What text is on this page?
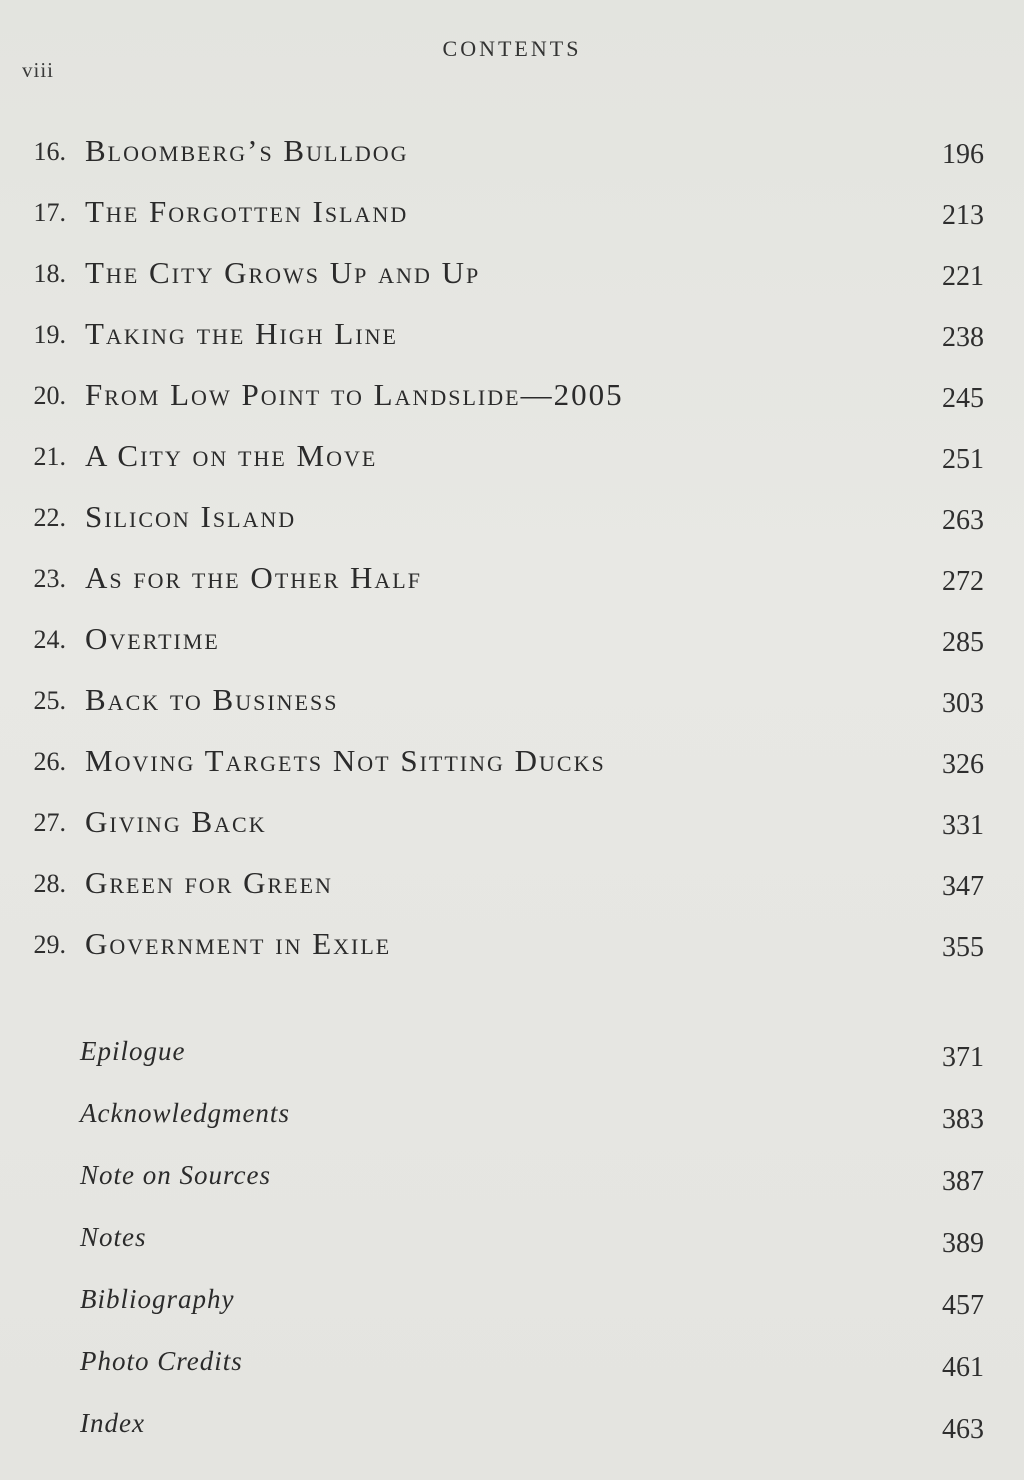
viii
CONTENTS
16. Bloomberg’s Bulldog	196
17. The Forgotten Island	213
18. The City Grows Up and Up	221
19. Taking the High Line	238
20. From Low Point to Landslide—2005	245
21. A City on the Move	251
22. Silicon Island	263
23. As for the Other Half	272
24. Overtime	285
25. Back to Business	303
26. Moving Targets Not Sitting Ducks	326
27. Giving Back	331
28. Green for Green	347
29. Government in Exile	355
Epilogue	371
Acknowledgments	383
Note on Sources	387
Notes	389
Bibliography	457
Photo Credits	461
Index	463
